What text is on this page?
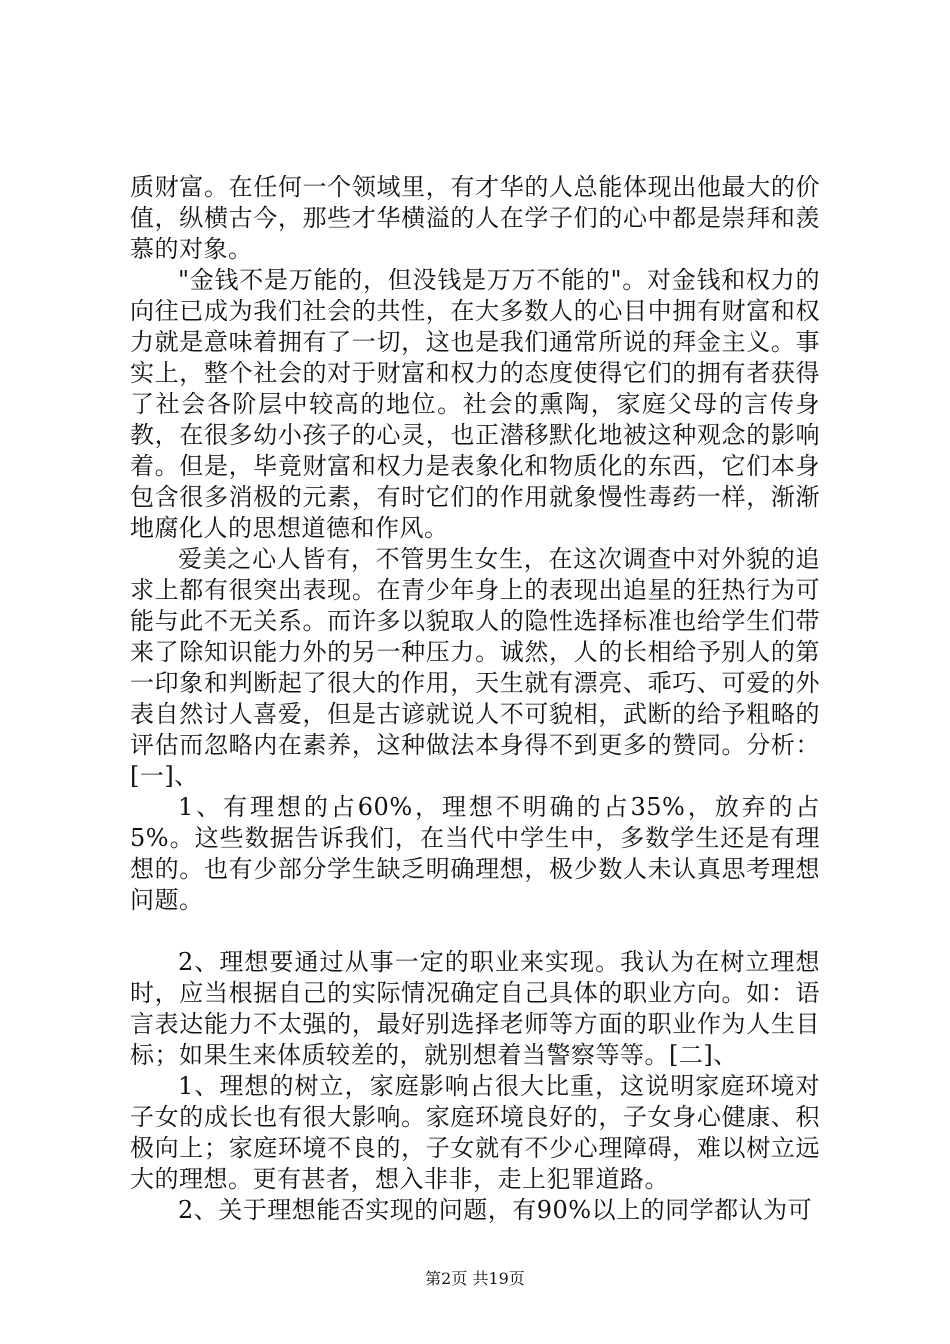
质财富。在任何一个领域里，有才华的人总能体现出他最大的价值，纵横古今，那些才华横溢的人在学子们的心中都是崇拜和羡慕的对象。

"金钱不是万能的，但没钱是万万不能的"。对金钱和权力的向往已成为我们社会的共性，在大多数人的心目中拥有财富和权力就是意味着拥有了一切，这也是我们通常所说的拜金主义。事实上，整个社会的对于财富和权力的态度使得它们的拥有者获得了社会各阶层中较高的地位。社会的熏陶，家庭父母的言传身教，在很多幼小孩子的心灵，也正潜移默化地被这种观念的影响着。但是，毕竟财富和权力是表象化和物质化的东西，它们本身包含很多消极的元素，有时它们的作用就象慢性毒药一样，渐渐地腐化人的思想道德和作风。

爱美之心人皆有，不管男生女生，在这次调查中对外貌的追求上都有很突出表现。在青少年身上的表现出追星的狂热行为可能与此不无关系。而许多以貌取人的隐性选择标准也给学生们带来了除知识能力外的另一种压力。诚然，人的长相给予别人的第一印象和判断起了很大的作用，天生就有漂亮、乖巧、可爱的外表自然讨人喜爱，但是古谚就说人不可貌相，武断的给予粗略的评估而忽略内在素养，这种做法本身得不到更多的赞同。分析：[一]、

1、有理想的占60%，理想不明确的占35%，放弃的占5%。这些数据告诉我们，在当代中学生中，多数学生还是有理想的。也有少部分学生缺乏明确理想，极少数人未认真思考理想问题。

2、理想要通过从事一定的职业来实现。我认为在树立理想时，应当根据自己的实际情况确定自己具体的职业方向。如：语言表达能力不太强的，最好别选择老师等方面的职业作为人生目标；如果生来体质较差的，就别想着当警察等等。[二]、

1、理想的树立，家庭影响占很大比重，这说明家庭环境对子女的成长也有很大影响。家庭环境良好的，子女身心健康、积极向上；家庭环境不良的，子女就有不少心理障碍，难以树立远大的理想。更有甚者，想入非非，走上犯罪道路。

2、关于理想能否实现的问题，有90%以上的同学都认为可

第2页 共19页
